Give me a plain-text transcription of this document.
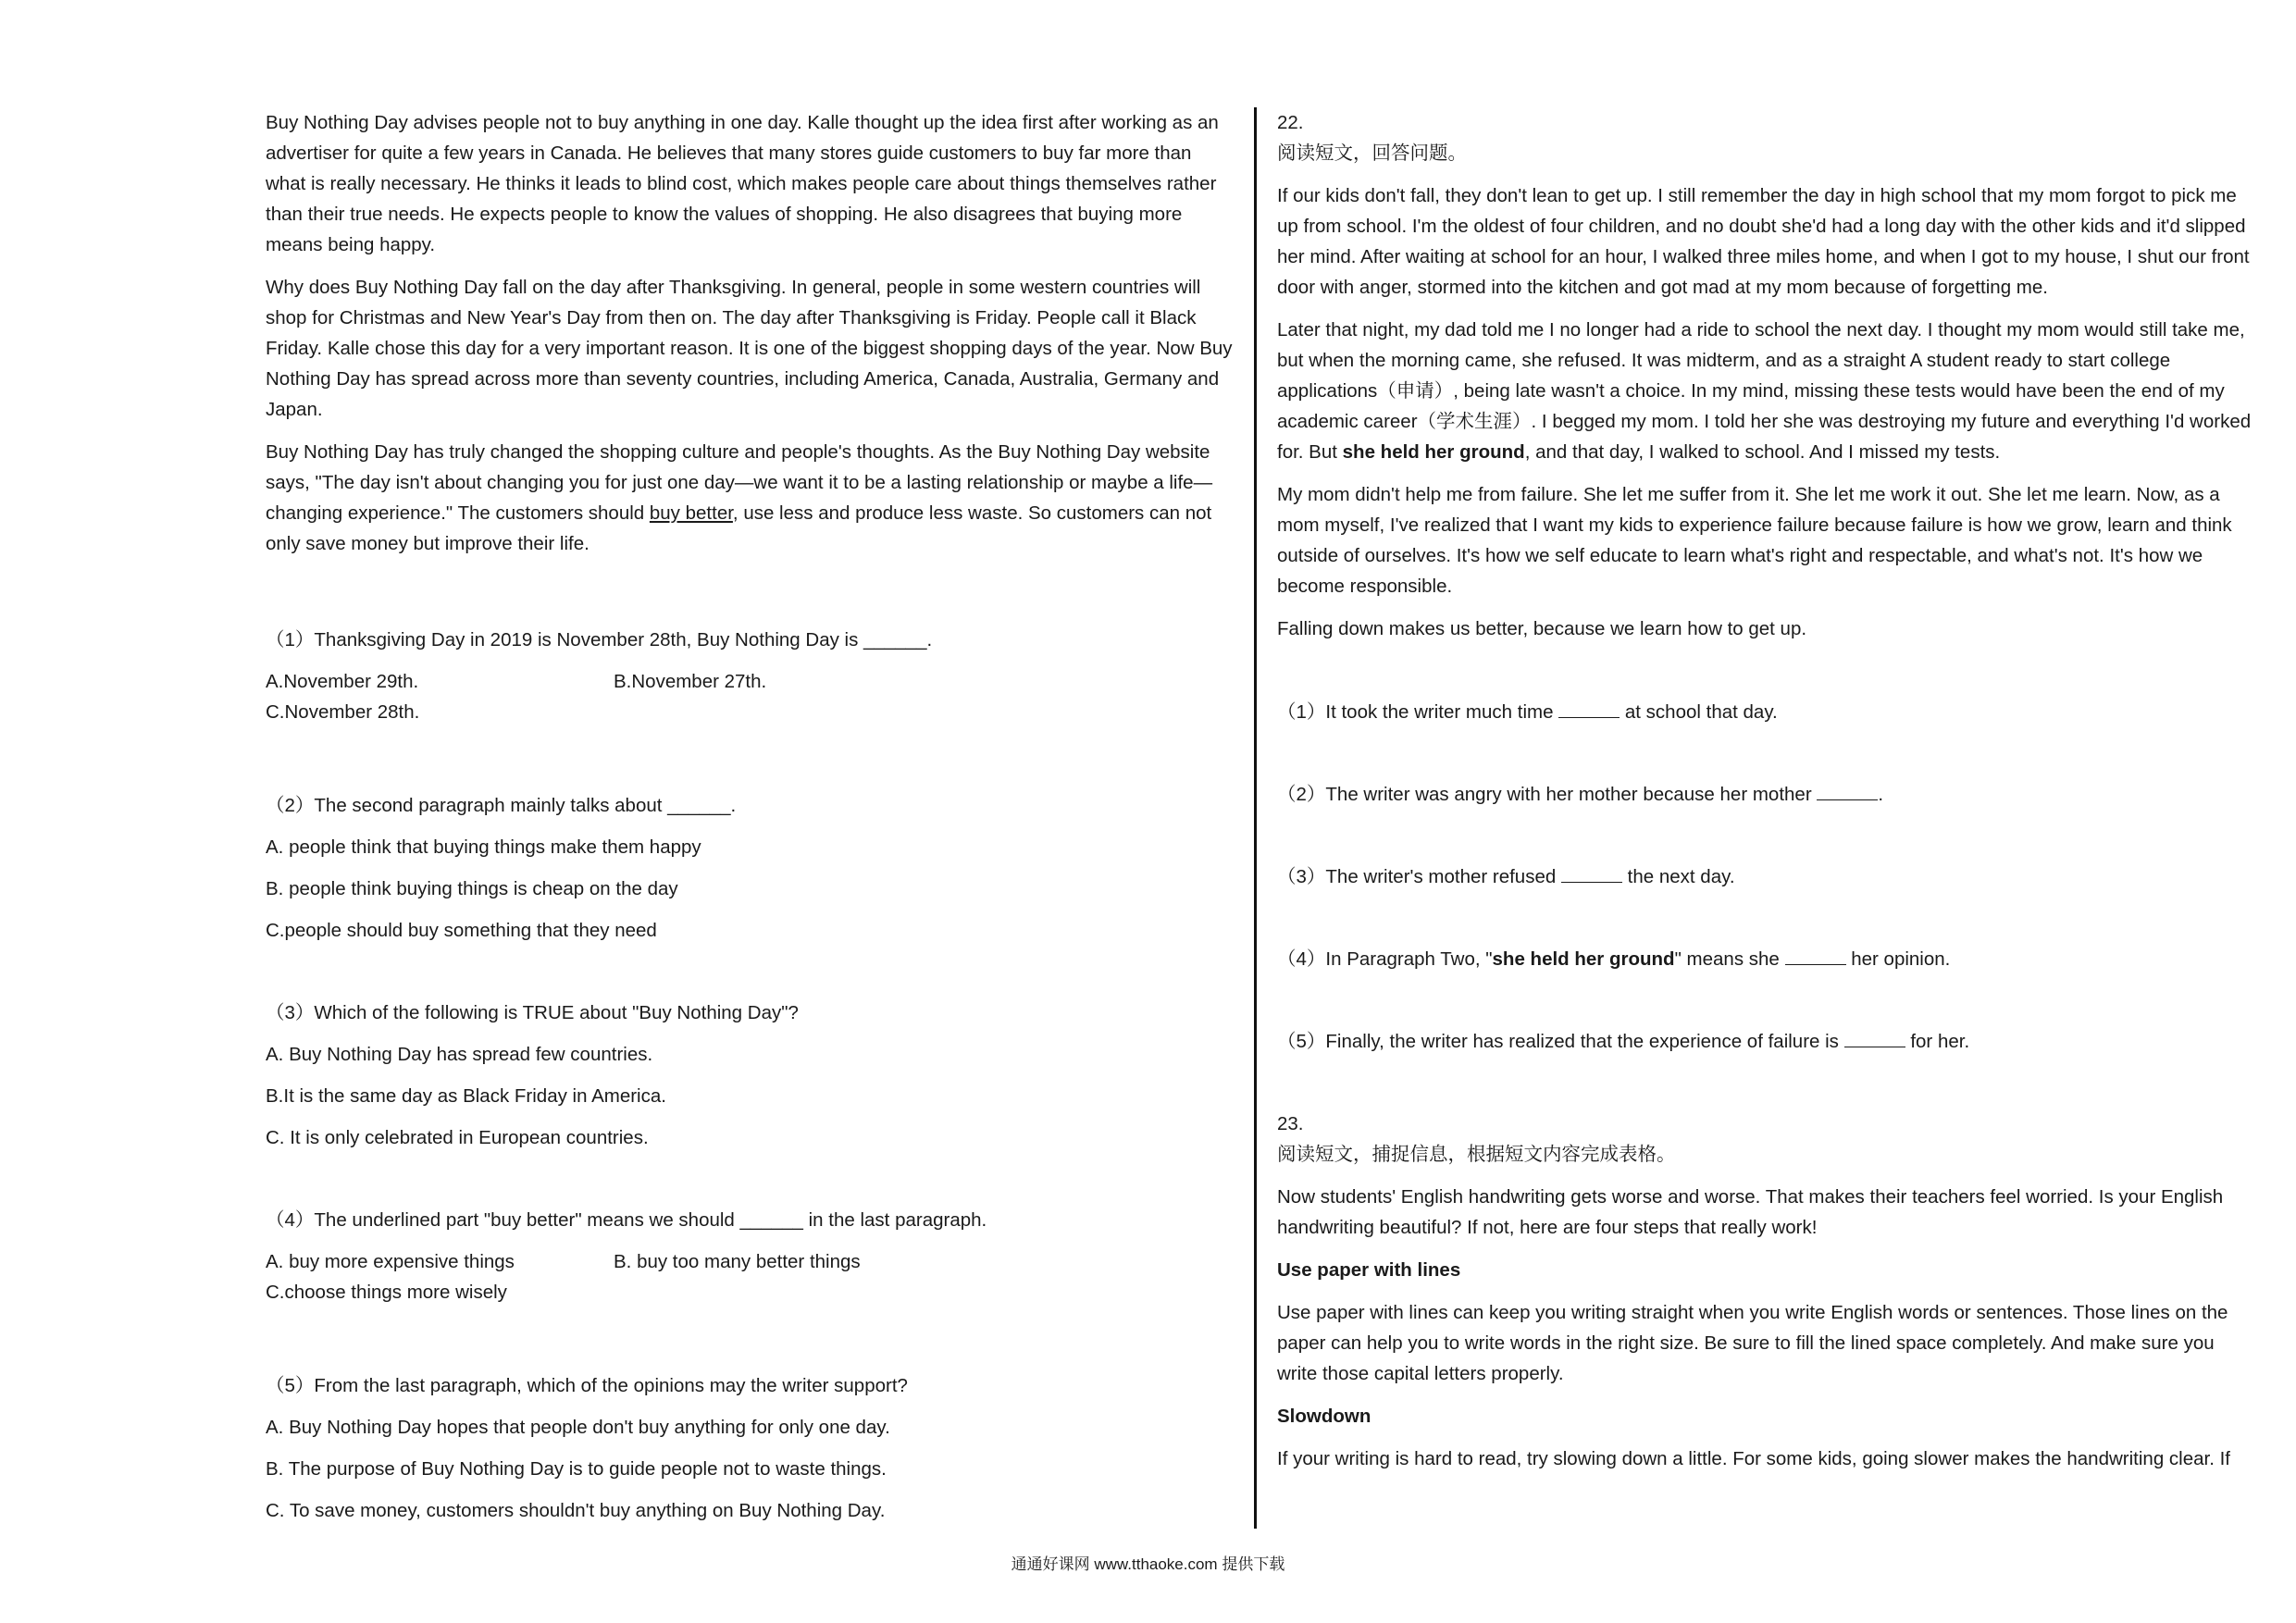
Buy Nothing Day advises people not to buy anything in one day. Kalle thought up the idea first after working as an advertiser for quite a few years in Canada. He believes that many stores guide customers to buy far more than what is really necessary. He thinks it leads to blind cost, which makes people care about things themselves rather than their true needs. He expects people to know the values of shopping. He also disagrees that buying more means being happy.

Why does Buy Nothing Day fall on the day after Thanksgiving. In general, people in some western countries will shop for Christmas and New Year's Day from then on. The day after Thanksgiving is Friday. People call it Black Friday. Kalle chose this day for a very important reason. It is one of the biggest shopping days of the year. Now Buy Nothing Day has spread across more than seventy countries, including America, Canada, Australia, Germany and Japan.

Buy Nothing Day has truly changed the shopping culture and people's thoughts. As the Buy Nothing Day website says, "The day isn't about changing you for just one day—we want it to be a lasting relationship or maybe a life—changing experience." The customers should buy better, use less and produce less waste. So customers can not only save money but improve their life.

（1）Thanksgiving Day in 2019 is November 28th, Buy Nothing Day is ______.

A.November 29th.	B.November 27th.

C.November 28th.

（2）The second paragraph mainly talks about ______.

A. people think that buying things make them happy

B. people think buying things is cheap on the day

C.people should buy something that they need

（3）Which of the following is TRUE about "Buy Nothing Day"?

A. Buy Nothing Day has spread few countries.

B.It is the same day as Black Friday in America.

C. It is only celebrated in European countries.

（4）The underlined part "buy better" means we should ______ in the last paragraph.

A. buy more expensive things	B. buy too many better things

C.choose things more wisely

（5）From the last paragraph, which of the opinions may the writer support?

A. Buy Nothing Day hopes that people don't buy anything for only one day.

B. The purpose of Buy Nothing Day is to guide people not to waste things.

C. To save money, customers shouldn't buy anything on Buy Nothing Day.

22.

阅读短文，回答问题。

If our kids don't fall, they don't lean to get up. I still remember the day in high school that my mom forgot to pick me up from school. I'm the oldest of four children, and no doubt she'd had a long day with the other kids and it'd slipped her mind. After waiting at school for an hour, I walked three miles home, and when I got to my house, I shut our front door with anger, stormed into the kitchen and got mad at my mom because of forgetting me.

Later that night, my dad told me I no longer had a ride to school the next day. I thought my mom would still take me, but when the morning came, she refused. It was midterm, and as a straight A student ready to start college applications（申请）, being late wasn't a choice. In my mind, missing these tests would have been the end of my academic career（学术生涯）. I begged my mom. I told her she was destroying my future and everything I'd worked for. But she held her ground, and that day, I walked to school. And I missed my tests.

My mom didn't help me from failure. She let me suffer from it. She let me work it out. She let me learn. Now, as a mom myself, I've realized that I want my kids to experience failure because failure is how we grow, learn and think outside of ourselves. It's how we self educate to learn what's right and respectable, and what's not. It's how we become responsible.

Falling down makes us better, because we learn how to get up.

（1）It took the writer much time	at school that day.

（2）The writer was angry with her mother because her mother	.

（3）The writer's mother refused	the next day.

（4）In Paragraph Two, "she held her ground" means she	her opinion.

（5）Finally, the writer has realized that the experience of failure is	for her.

23.

阅读短文，捕捉信息，根据短文内容完成表格。

Now students' English handwriting gets worse and worse. That makes their teachers feel worried. Is your English handwriting beautiful? If not, here are four steps that really work!

Use paper with lines

Use paper with lines can keep you writing straight when you write English words or sentences. Those lines on the paper can help you to write words in the right size. Be sure to fill the lined space completely. And make sure you write those capital letters properly.

Slowdown

If your writing is hard to read, try slowing down a little. For some kids, going slower makes the handwriting clear. If

通通好课网 www.tthaoke.com 提供下载
